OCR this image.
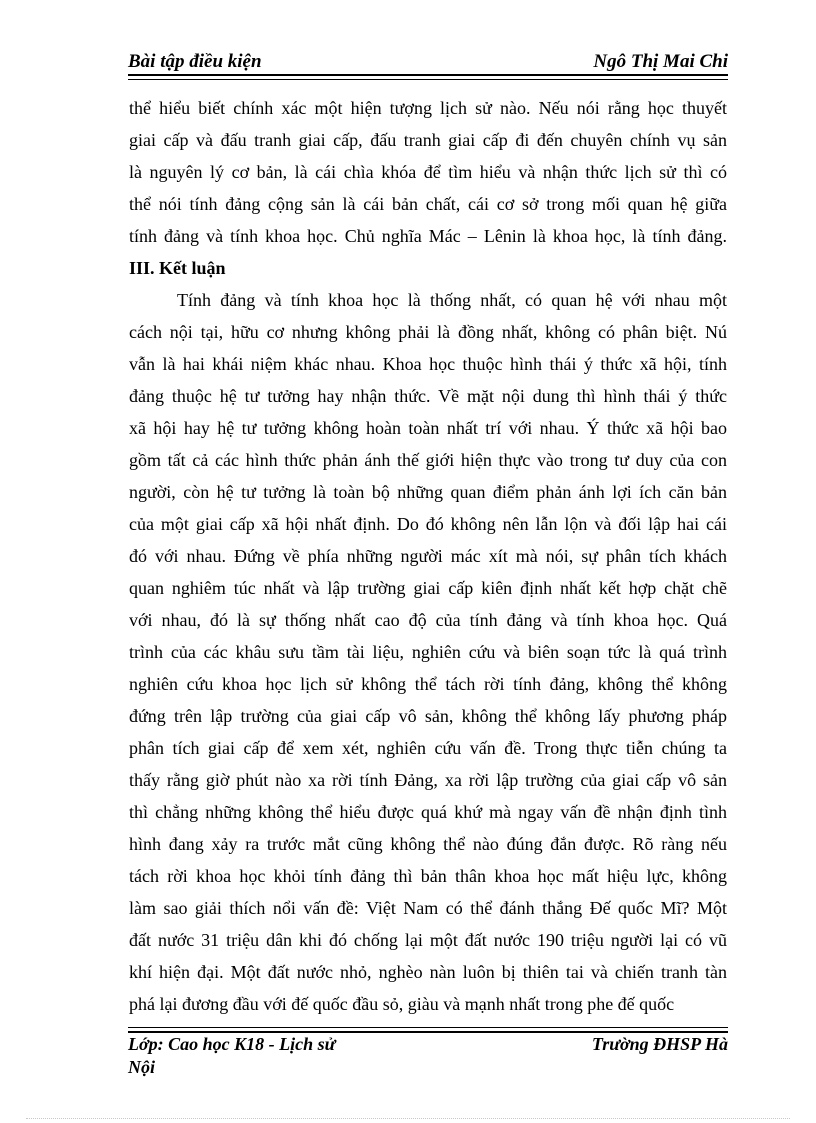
Bài tập điều kiện	Ngô Thị Mai Chi
thể hiểu biết chính xác một hiện tượng lịch sử nào. Nếu nói rằng học thuyết
giai cấp và đấu tranh giai cấp, đấu tranh giai cấp đi đến chuyên chính vụ sản
là nguyên lý cơ bản, là cái chìa khóa để tìm hiểu và nhận thức lịch sử thì có
thể nói tính đảng cộng sản là cái bản chất, cái cơ sở trong mối quan hệ giữa
tính đảng và tính khoa học. Chủ nghĩa Mác – Lênin là khoa học, là tính đảng.
III. Kết luận
Tính đảng và tính khoa học là thống nhất, có quan hệ với nhau một
cách nội tại, hữu cơ nhưng không phải là đồng nhất, không có phân biệt. Nú
vẫn là hai khái niệm khác nhau. Khoa học thuộc hình thái ý thức xã hội, tính
đảng thuộc hệ tư tưởng hay nhận thức. Về mặt nội dung thì hình thái ý thức
xã hội hay hệ tư tưởng không hoàn toàn nhất trí với nhau. Ý thức xã hội bao
gồm tất cả các hình thức phản ánh thế giới hiện thực vào trong tư duy của con
người, còn hệ tư tưởng là toàn bộ những quan điểm phản ánh lợi ích căn bản
của một giai cấp xã hội nhất định. Do đó không nên lẫn lộn và đối lập hai cái
đó với nhau. Đứng về phía những người mác xít mà nói, sự phân tích khách
quan nghiêm túc nhất và lập trường giai cấp kiên định nhất kết hợp chặt chẽ
với nhau, đó là sự thống nhất cao độ của tính đảng và tính khoa học. Quá
trình của các khâu sưu tầm tài liệu, nghiên cứu và biên soạn tức là quá trình
nghiên cứu khoa học lịch sử không thể tách rời tính đảng, không thể không
đứng trên lập trường của giai cấp vô sản, không thể không lấy phương pháp
phân tích giai cấp để xem xét, nghiên cứu vấn đề. Trong thực tiễn chúng ta
thấy rằng giờ phút nào xa rời tính Đảng, xa rời lập trường của giai cấp vô sản
thì chẳng những không thể hiểu được quá khứ mà ngay vấn đề nhận định tình
hình đang xảy ra trước mắt cũng không thể nào đúng đắn được. Rõ ràng nếu
tách rời khoa học khỏi tính đảng thì bản thân khoa học mất hiệu lực, không
làm sao giải thích nổi vấn đề: Việt Nam có thể đánh thắng Đế quốc Mĩ? Một
đất nước 31 triệu dân khi đó chống lại một đất nước 190 triệu người lại có vũ
khí hiện đại. Một đất nước nhỏ, nghèo nàn luôn bị thiên tai và chiến tranh tàn
phá lại đương đầu với đế quốc đầu sỏ, giàu và mạnh nhất trong phe đế quốc
Lớp: Cao học K18 - Lịch sử
Nội
Trường ĐHSP Hà
